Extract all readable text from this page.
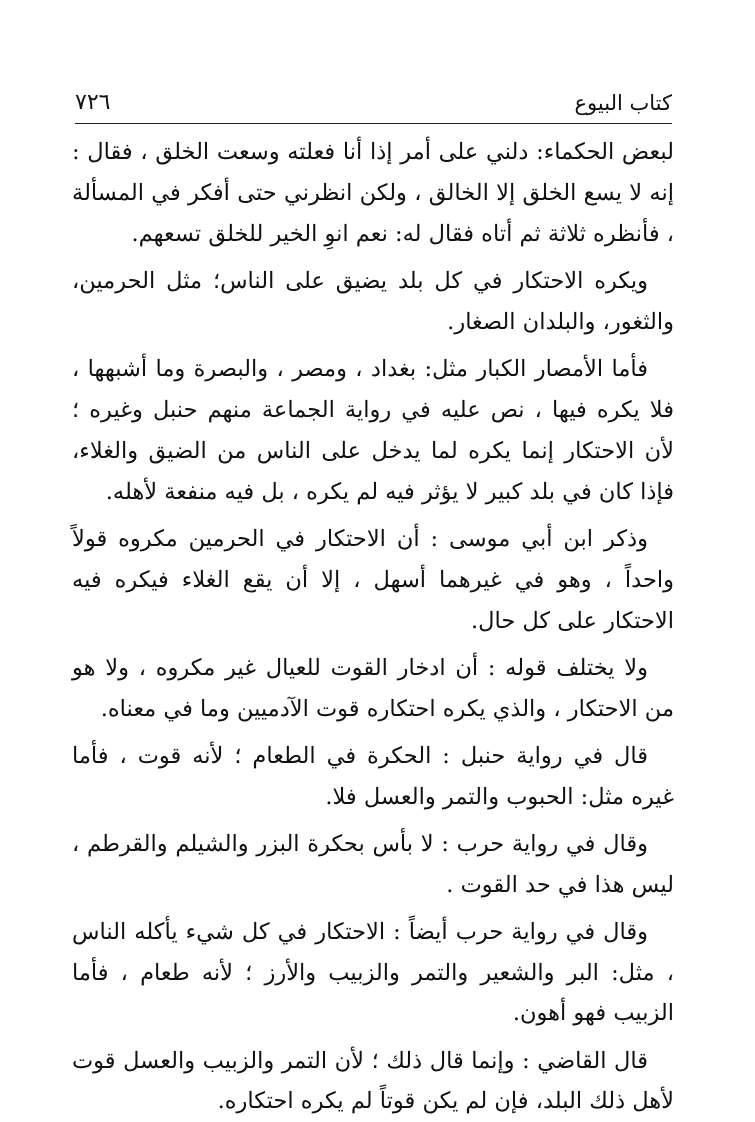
٧٢٦	كتاب البيوع

لبعض الحكماء: دلني على أمر إذا أنا فعلته وسعت الخلق ، فقال : إنه لا يسع الخلق إلا الخالق ، ولكن انظرني حتى أفكر في المسألة ، فأنظره ثلاثة ثم أتاه فقال له: نعم انوِ الخير للخلق تسعهم.

ويكره الاحتكار في كل بلد يضيق على الناس؛ مثل الحرمين، والثغور، والبلدان الصغار.

فأما الأمصار الكبار مثل: بغداد ، ومصر ، والبصرة وما أشبهها ، فلا يكره فيها ، نص عليه في رواية الجماعة منهم حنبل وغيره ؛ لأن الاحتكار إنما يكره لما يدخل على الناس من الضيق والغلاء، فإذا كان في بلد كبير لا يؤثر فيه لم يكره ، بل فيه منفعة لأهله.

وذكر ابن أبي موسى : أن الاحتكار في الحرمين مكروه قولاً واحداً ، وهو في غيرهما أسهل ، إلا أن يقع الغلاء فيكره فيه الاحتكار على كل حال.

ولا يختلف قوله : أن ادخار القوت للعيال غير مكروه ، ولا هو من الاحتكار ، والذي يكره احتكاره قوت الآدميين وما في معناه.

قال في رواية حنبل : الحكرة في الطعام ؛ لأنه قوت ، فأما غيره مثل: الحبوب والتمر والعسل فلا.

وقال في رواية حرب : لا بأس بحكرة البزر والشيلم والقرطم ، ليس هذا في حد القوت .

وقال في رواية حرب أيضاً : الاحتكار في كل شيء يأكله الناس ، مثل: البر والشعير والتمر والزبيب والأرز ؛ لأنه طعام ، فأما الزبيب فهو أهون.

قال القاضي : وإنما قال ذلك ؛ لأن التمر والزبيب والعسل قوت لأهل ذلك البلد، فإن لم يكن قوتاً لم يكره احتكاره.
